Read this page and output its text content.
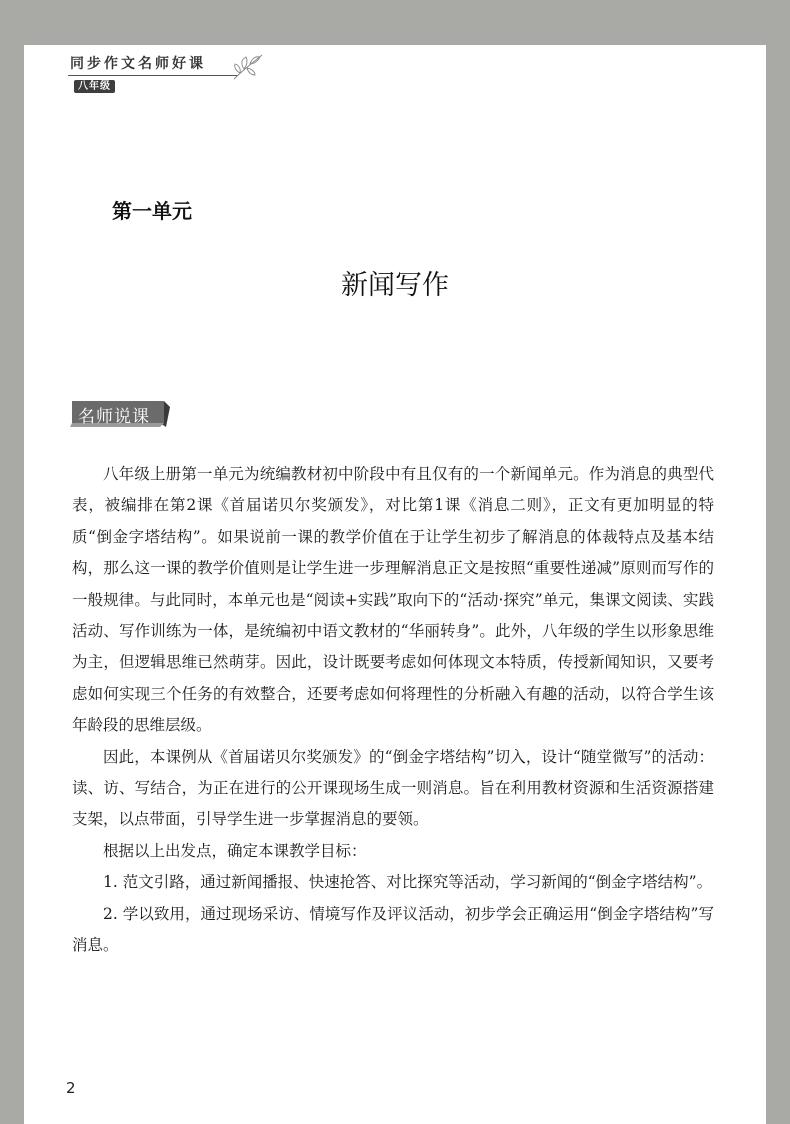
同步作文名师好课
八年级
第一单元
新闻写作
名师说课

八年级上册第一单元为统编教材初中阶段中有且仅有的一个新闻单元。作为消息的典型代表，被编排在第2课《首届诺贝尔奖颁发》，对比第1课《消息二则》，正文有更加明显的特质“倒金字塔结构”。如果说前一课的教学价值在于让学生初步了解消息的体裁特点及基本结构，那么这一课的教学价值则是让学生进一步理解消息正文是按照“重要性递减”原则而写作的一般规律。与此同时，本单元也是“阅读+实践”取向下的“活动·探究”单元，集课文阅读、实践活动、写作训练为一体，是统编初中语文教材的“华丽转身”。此外，八年级的学生以形象思维为主，但逻辑思维已然萌芽。因此，设计既要考虑如何体现文本特质，传授新闻知识，又要考虑如何实现三个任务的有效整合，还要考虑如何将理性的分析融入有趣的活动，以符合学生该年龄段的思维层级。

因此，本课例从《首届诺贝尔奖颁发》的“倒金字塔结构”切入，设计“随堂微写”的活动：读、访、写结合，为正在进行的公开课现场生成一则消息。旨在利用教材资源和生活资源搭建支架，以点带面，引导学生进一步掌握消息的要领。

根据以上出发点，确定本课教学目标：

1. 范文引路，通过新闻播报、快速抢答、对比探究等活动，学习新闻的“倒金字塔结构”。

2. 学以致用，通过现场采访、情境写作及评议活动，初步学会正确运用“倒金字塔结构”写消息。

2
